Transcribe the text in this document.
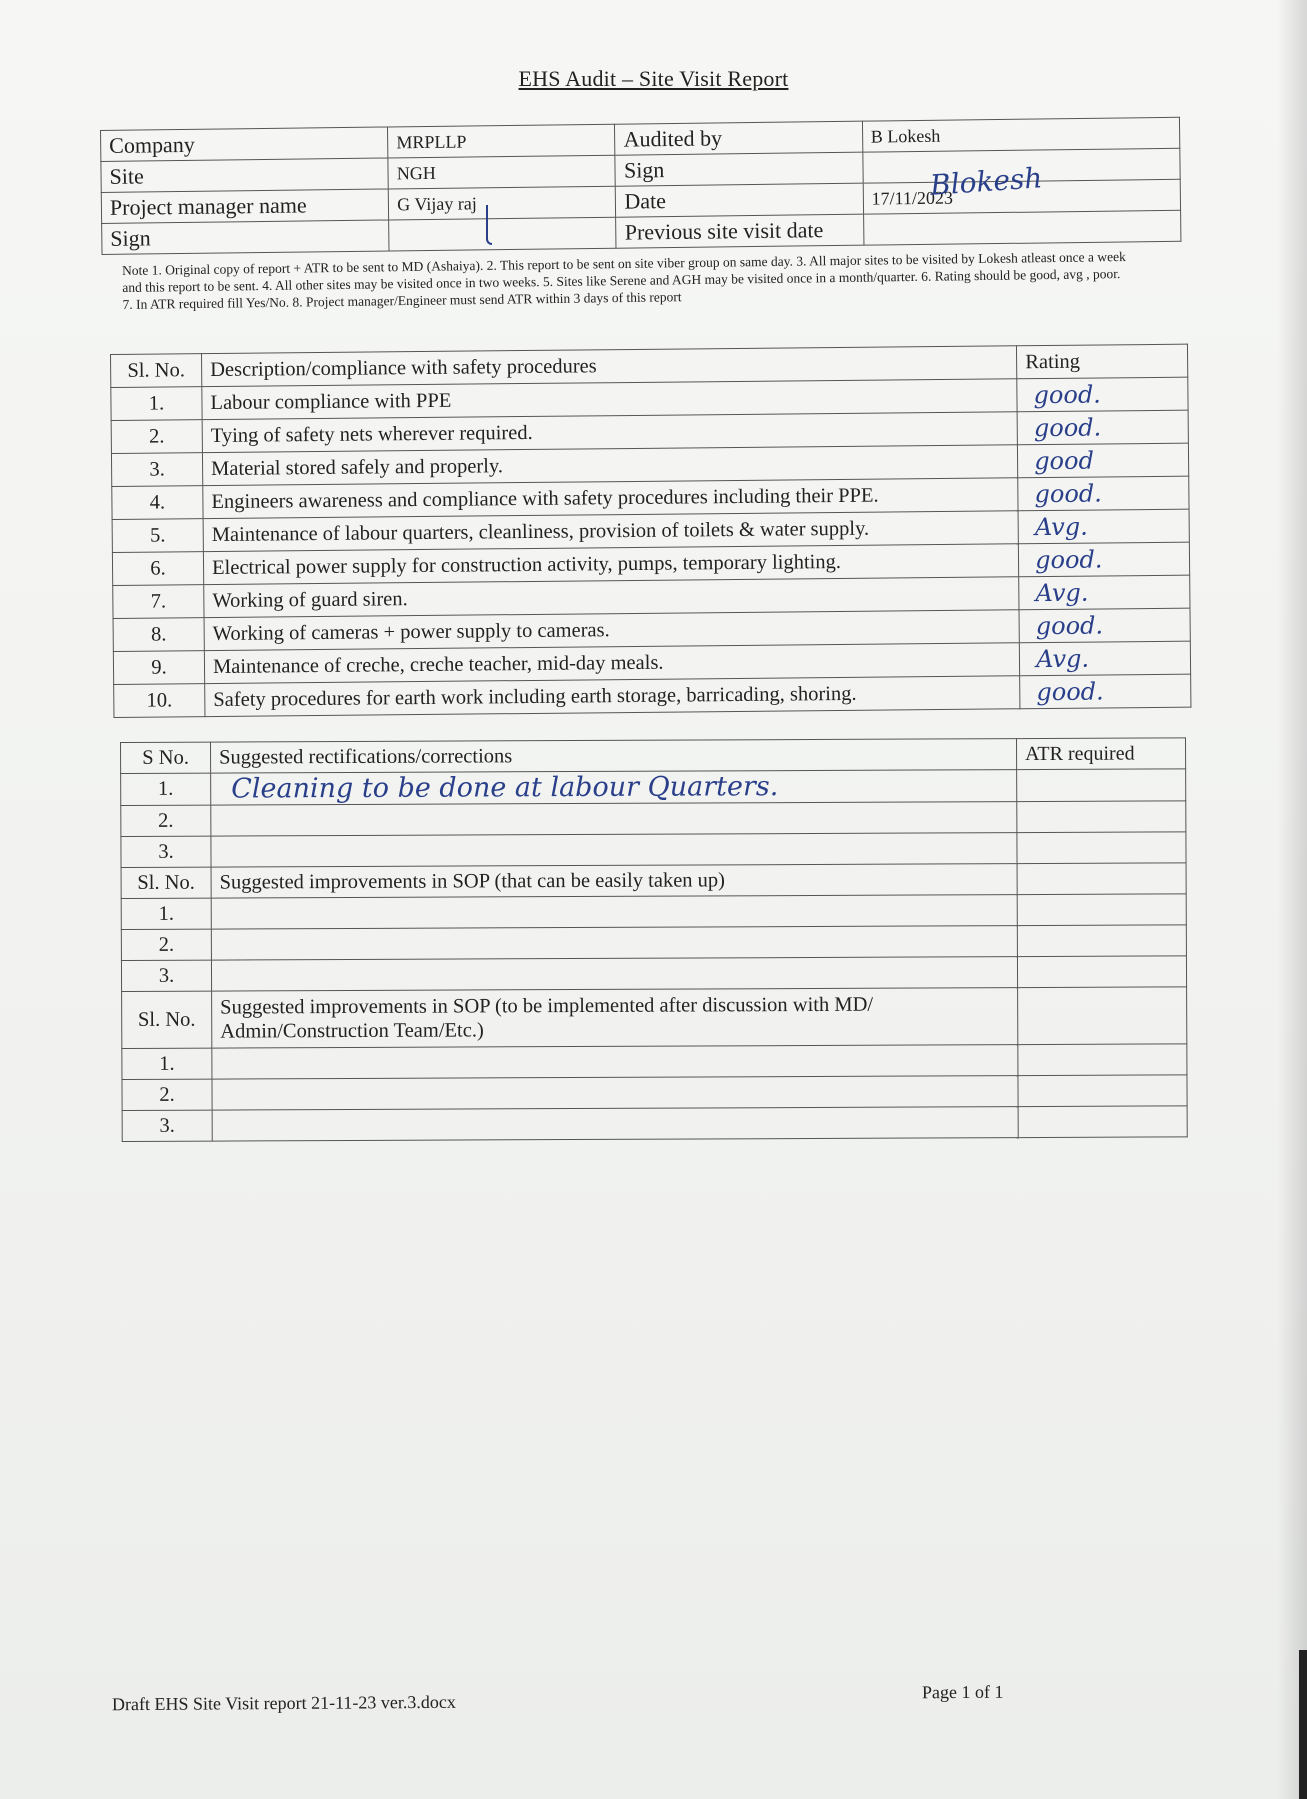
EHS Audit – Site Visit Report
Company	MRPLLP	Audited by	B Lokesh
Site	NGH	Sign	
Project manager name	G Vijay raj	Date	17/11/2023
Sign		Previous site visit date	
Blokesh
Note 1. Original copy of report + ATR to be sent to MD (Ashaiya). 2. This report to be sent on site viber group on same day. 3. All major sites to be visited by Lokesh atleast once a week and this report to be sent. 4. All other sites may be visited once in two weeks. 5. Sites like Serene and AGH may be visited once in a month/quarter. 6. Rating should be good, avg , poor. 7. In ATR required fill Yes/No. 8. Project manager/Engineer must send ATR within 3 days of this report
Sl. No.	Description/compliance with safety procedures	Rating
1.	Labour compliance with PPE	good.
2.	Tying of safety nets wherever required.	good.
3.	Material stored safely and properly.	good
4.	Engineers awareness and compliance with safety procedures including their PPE.	good.
5.	Maintenance of labour quarters, cleanliness, provision of toilets & water supply.	Avg.
6.	Electrical power supply for construction activity, pumps, temporary lighting.	good.
7.	Working of guard siren.	Avg.
8.	Working of cameras + power supply to cameras.	good.
9.	Maintenance of creche, creche teacher, mid-day meals.	Avg.
10.	Safety procedures for earth work including earth storage, barricading, shoring.	good.
S No.	Suggested rectifications/corrections	ATR required
1.	Cleaning to be done at labour Quarters.	
2.		
3.		
Sl. No.	Suggested improvements in SOP (that can be easily taken up)	
1.		
2.		
3.		
Sl. No.	Suggested improvements in SOP (to be implemented after discussion with MD/ Admin/Construction Team/Etc.)	
1.		
2.		
3.		
Draft EHS Site Visit report 21-11-23 ver.3.docx	Page 1 of 1
